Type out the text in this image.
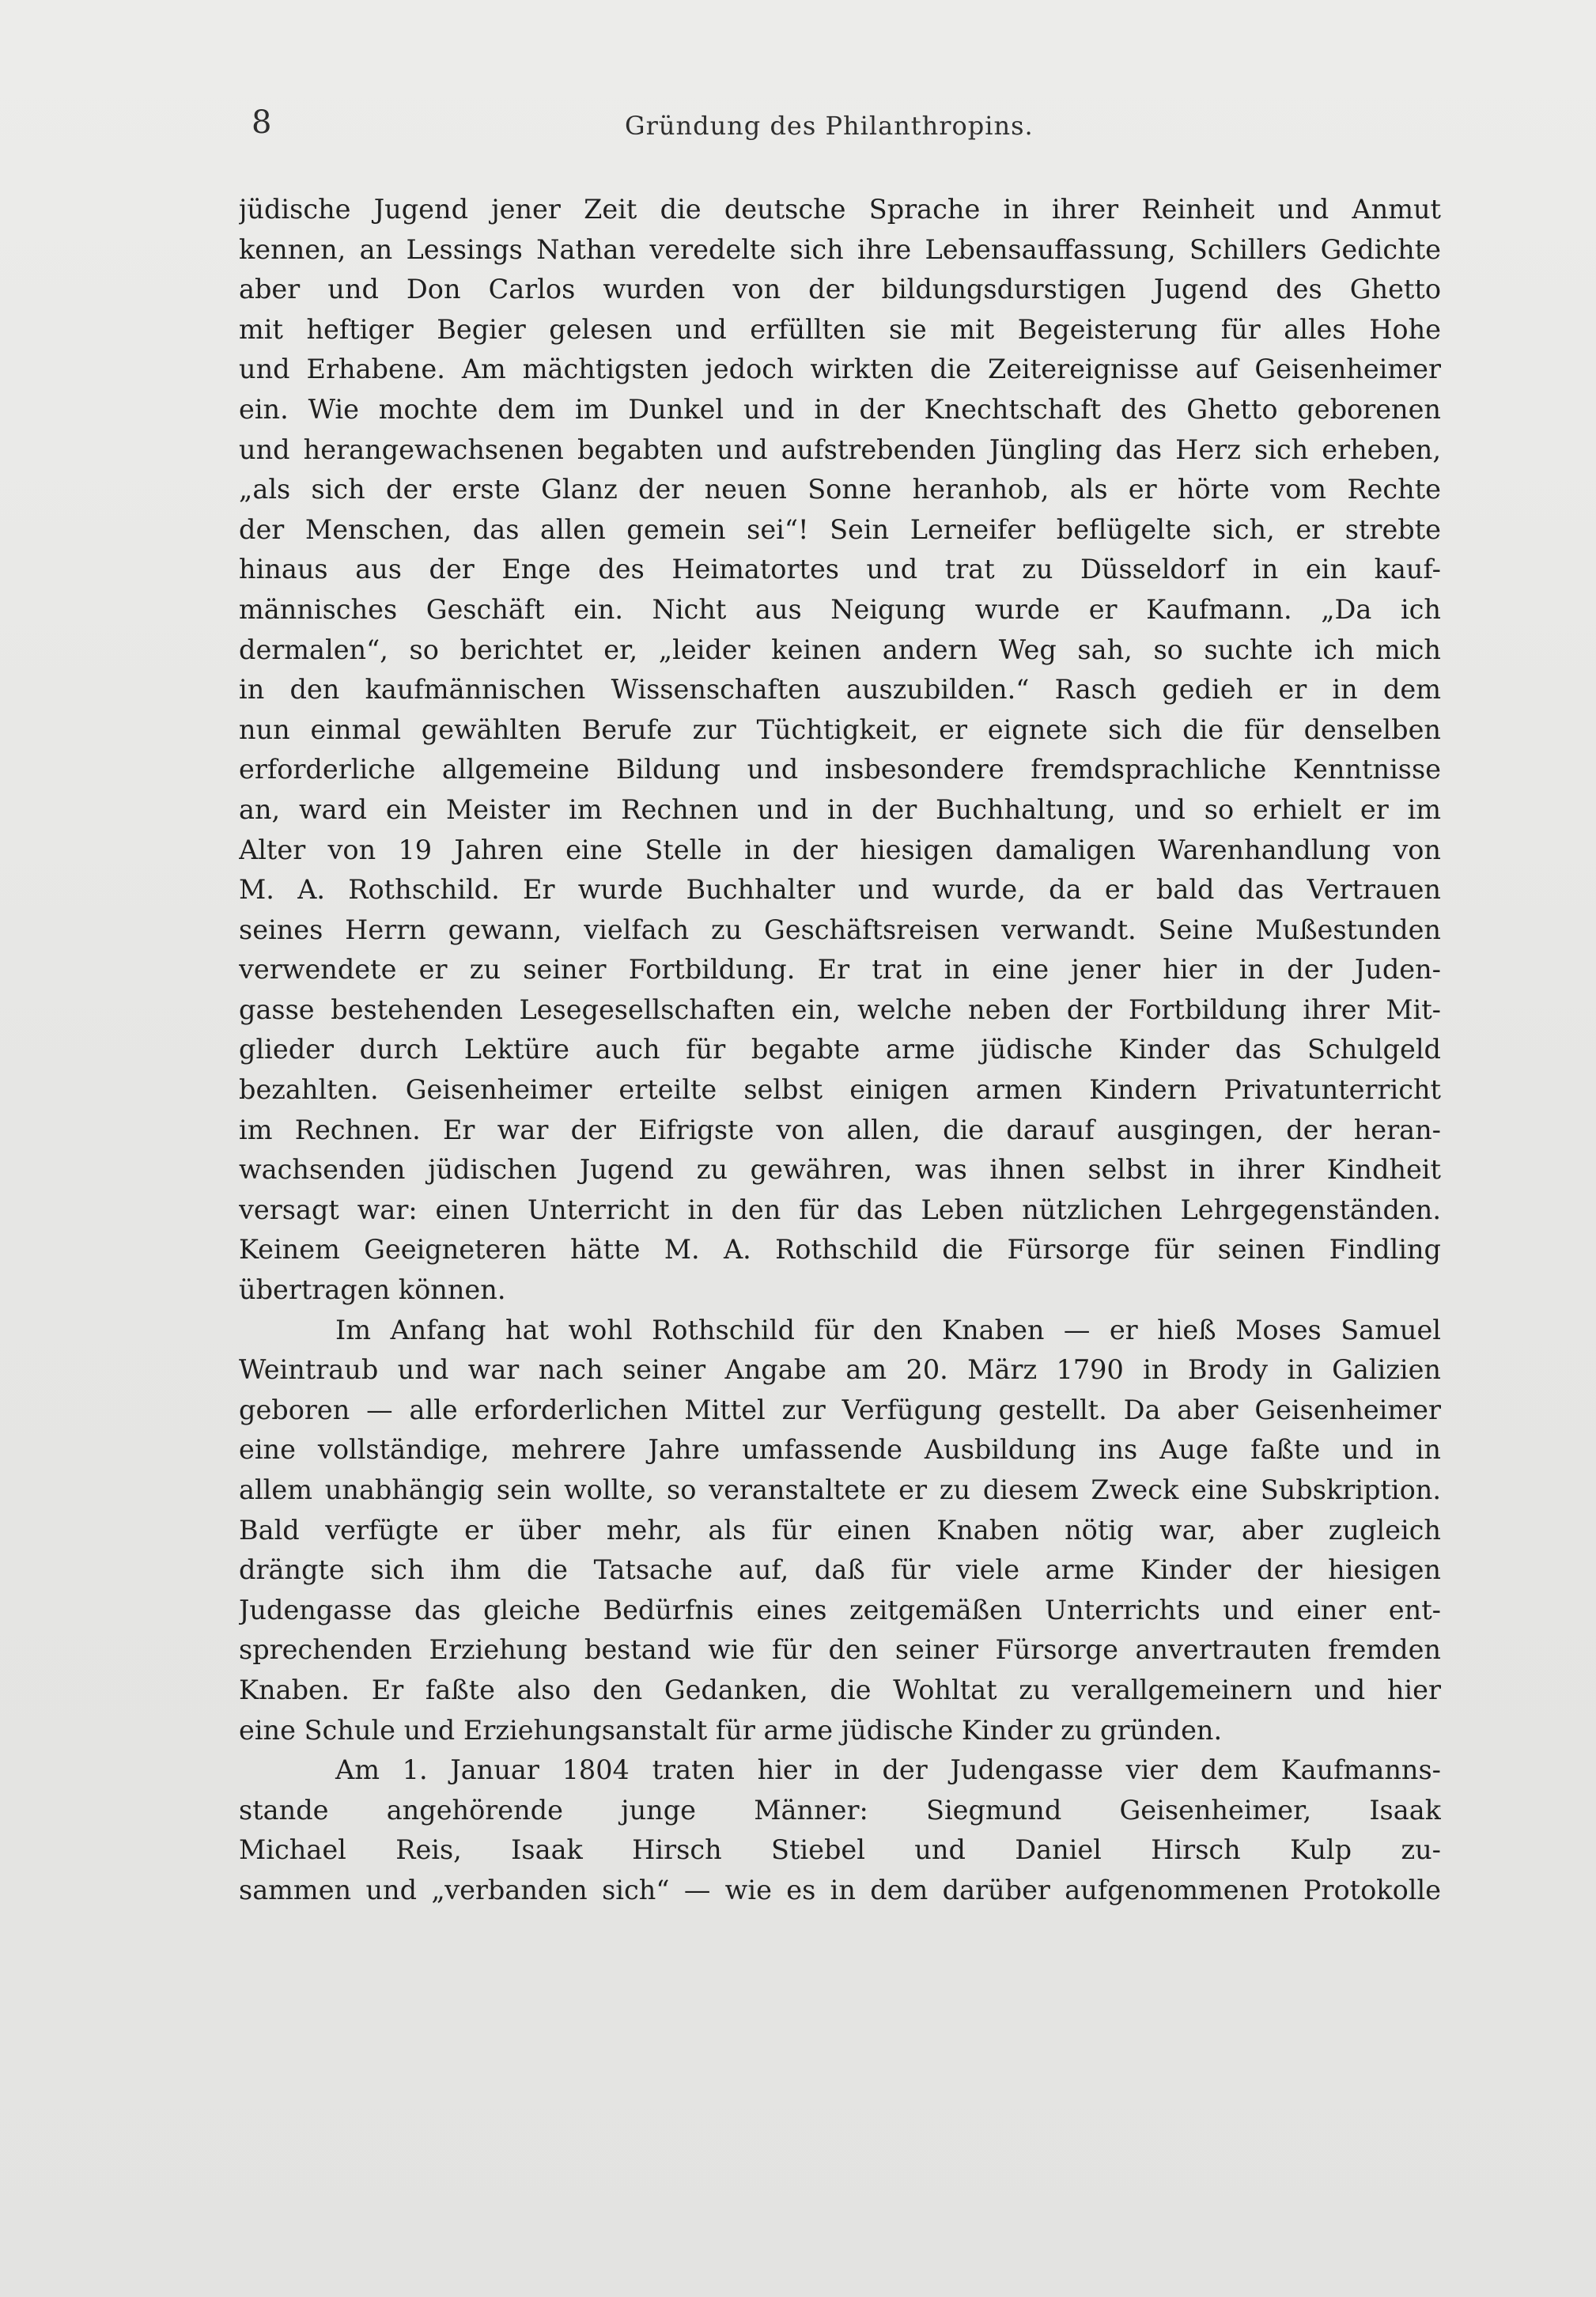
8	Gründung des Philanthropins.
jüdische Jugend jener Zeit die deutsche Sprache in ihrer Reinheit und Anmut
kennen, an Lessings Nathan veredelte sich ihre Lebensauffassung, Schillers Gedichte
aber und Don Carlos wurden von der bildungsdurstigen Jugend des Ghetto
mit heftiger Begier gelesen und erfüllten sie mit Begeisterung für alles Hohe
und Erhabene. Am mächtigsten jedoch wirkten die Zeitereignisse auf Geisenheimer
ein. Wie mochte dem im Dunkel und in der Knechtschaft des Ghetto geborenen
und herangewachsenen begabten und aufstrebenden Jüngling das Herz sich erheben,
„als sich der erste Glanz der neuen Sonne heranhob, als er hörte vom Rechte
der Menschen, das allen gemein sei“! Sein Lerneifer beflügelte sich, er strebte
hinaus aus der Enge des Heimatortes und trat zu Düsseldorf in ein kauf-
männisches Geschäft ein. Nicht aus Neigung wurde er Kaufmann. „Da ich
dermalen“, so berichtet er, „leider keinen andern Weg sah, so suchte ich mich
in den kaufmännischen Wissenschaften auszubilden.“ Rasch gedieh er in dem
nun einmal gewählten Berufe zur Tüchtigkeit, er eignete sich die für denselben
erforderliche allgemeine Bildung und insbesondere fremdsprachliche Kenntnisse
an, ward ein Meister im Rechnen und in der Buchhaltung, und so erhielt er im
Alter von 19 Jahren eine Stelle in der hiesigen damaligen Warenhandlung von
M. A. Rothschild. Er wurde Buchhalter und wurde, da er bald das Vertrauen
seines Herrn gewann, vielfach zu Geschäftsreisen verwandt. Seine Mußestunden
verwendete er zu seiner Fortbildung. Er trat in eine jener hier in der Juden-
gasse bestehenden Lesegesellschaften ein, welche neben der Fortbildung ihrer Mit-
glieder durch Lektüre auch für begabte arme jüdische Kinder das Schulgeld
bezahlten. Geisenheimer erteilte selbst einigen armen Kindern Privatunterricht
im Rechnen. Er war der Eifrigste von allen, die darauf ausgingen, der heran-
wachsenden jüdischen Jugend zu gewähren, was ihnen selbst in ihrer Kindheit
versagt war: einen Unterricht in den für das Leben nützlichen Lehrgegenständen.
Keinem Geeigneteren hätte M. A. Rothschild die Fürsorge für seinen Findling
übertragen können.
Im Anfang hat wohl Rothschild für den Knaben — er hieß Moses Samuel
Weintraub und war nach seiner Angabe am 20. März 1790 in Brody in Galizien
geboren — alle erforderlichen Mittel zur Verfügung gestellt. Da aber Geisenheimer
eine vollständige, mehrere Jahre umfassende Ausbildung ins Auge faßte und in
allem unabhängig sein wollte, so veranstaltete er zu diesem Zweck eine Subskription.
Bald verfügte er über mehr, als für einen Knaben nötig war, aber zugleich
drängte sich ihm die Tatsache auf, daß für viele arme Kinder der hiesigen
Judengasse das gleiche Bedürfnis eines zeitgemäßen Unterrichts und einer ent-
sprechenden Erziehung bestand wie für den seiner Fürsorge anvertrauten fremden
Knaben. Er faßte also den Gedanken, die Wohltat zu verallgemeinern und hier
eine Schule und Erziehungsanstalt für arme jüdische Kinder zu gründen.
Am 1. Januar 1804 traten hier in der Judengasse vier dem Kaufmanns-
stande angehörende junge Männer: Siegmund Geisenheimer, Isaak
Michael Reis, Isaak Hirsch Stiebel und Daniel Hirsch Kulp zu-
sammen und „verbanden sich“ — wie es in dem darüber aufgenommenen Protokolle
